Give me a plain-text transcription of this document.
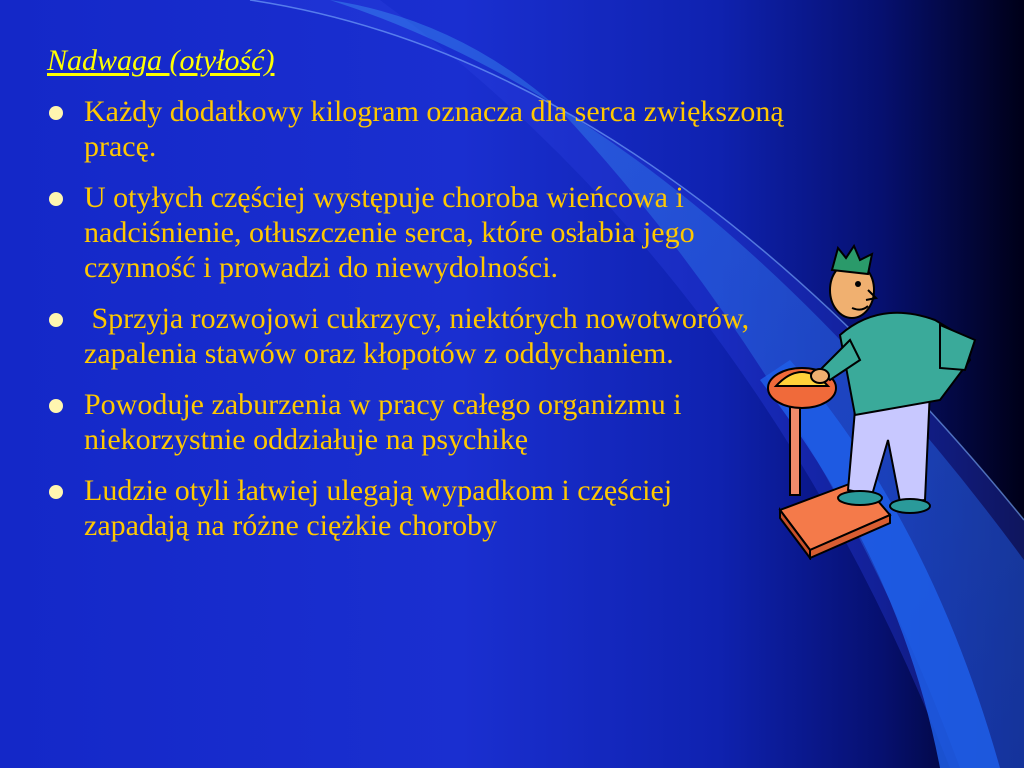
Nadwaga (otyłość)
Każdy dodatkowy kilogram oznacza dla serca zwiększoną pracę.
U otyłych częściej występuje choroba wieńcowa i nadciśnienie, otłuszczenie serca, które osłabia jego czynność i prowadzi do niewydolności.
Sprzyja rozwojowi cukrzycy, niektórych nowotworów, zapalenia stawów oraz kłopotów z oddychaniem.
Powoduje zaburzenia w pracy całego organizmu i niekorzystnie oddziałuje na psychikę
Ludzie otyli łatwiej ulegają wypadkom i częściej zapadają na różne ciężkie choroby
